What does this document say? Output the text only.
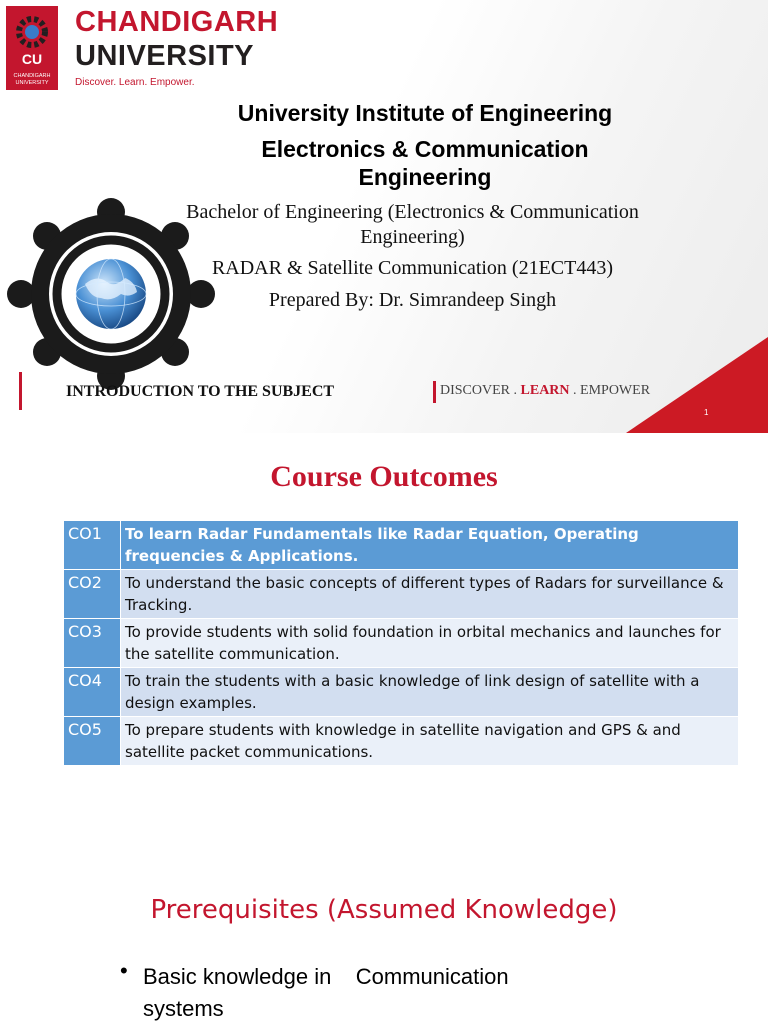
CU
CHANDIGARH
UNIVERSITY
CHANDIGARH
UNIVERSITY
Discover. Learn. Empower.
University Institute of Engineering
Electronics & Communication
Engineering
Bachelor of Engineering (Electronics & Communication
Engineering)
RADAR & Satellite Communication (21ECT443)
Prepared By: Dr. Simrandeep Singh
INTRODUCTION TO THE SUBJECT	DISCOVER . LEARN . EMPOWER
1
Course Outcomes
CO1	To learn Radar Fundamentals like Radar Equation, Operating frequencies & Applications.
CO2	To understand the basic concepts of different types of Radars for surveillance & Tracking.
CO3	To provide students with solid foundation in orbital mechanics and launches for the satellite communication.
CO4	To train the students with a basic knowledge of link design of satellite with a design examples.
CO5	To prepare students with knowledge in satellite navigation and GPS & and satellite packet communications.
Prerequisites (Assumed Knowledge)
• Basic knowledge in    Communication systems
